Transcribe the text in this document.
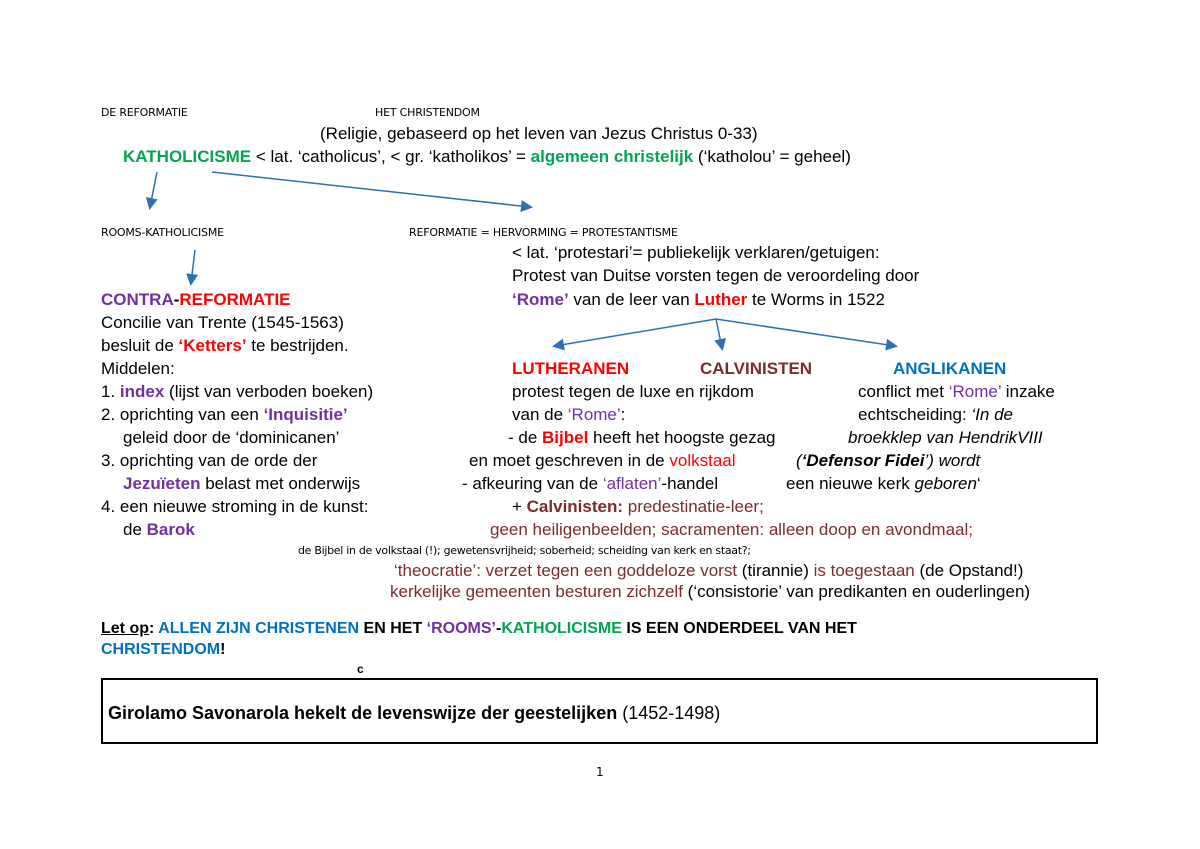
DE REFORMATIE	HET CHRISTENDOM
(Religie, gebaseerd op het leven van Jezus Christus 0-33)
KATHOLICISME < lat. ‘catholicus’, < gr. ‘katholikos’ = algemeen christelijk (‘katholou’ = geheel)
ROOMS-KATHOLICISME	REFORMATIE = HERVORMING = PROTESTANTISME
< lat. ‘protestari’= publiekelijk verklaren/getuigen:
Protest van Duitse vorsten tegen de veroordeling door
‘Rome’ van de leer van Luther te Worms in 1522
CONTRA-REFORMATIE
Concilie van Trente (1545-1563)
besluit de ‘Ketters’ te bestrijden.
Middelen:
1. index (lijst van verboden boeken)
2. oprichting van een ‘Inquisitie’
geleid door de ‘dominicanen’
3. oprichting van de orde der
Jezuïeten belast met onderwijs
4. een nieuwe stroming in de kunst:
de Barok
LUTHERANEN	CALVINISTEN	ANGLIKANEN
protest tegen de luxe en rijkdom
van de ‘Rome’:
- de Bijbel heeft het hoogste gezag
en moet geschreven in de volkstaal
- afkeuring van de ‘aflaten’-handel
+ Calvinisten: predestinatie-leer;
conflict met ‘Rome’ inzake
echtscheiding: ‘In de
broekklep van HendrikVIII
(‘Defensor Fidei’) wordt
een nieuwe kerk geboren‘
geen heiligenbeelden; sacramenten: alleen doop en avondmaal;
de Bijbel in de volkstaal (!); gewetensvrijheid; soberheid; scheiding van kerk en staat?;
‘theocratie’: verzet tegen een goddeloze vorst (tirannie) is toegestaan (de Opstand!)
kerkelijke gemeenten besturen zichzelf (‘consistorie’ van predikanten en ouderlingen)
Let op: ALLEN ZIJN CHRISTENEN EN HET ‘ROOMS’-KATHOLICISME IS EEN ONDERDEEL VAN HET
CHRISTENDOM!
c
Girolamo Savonarola hekelt de levenswijze der geestelijken (1452-1498)
1
